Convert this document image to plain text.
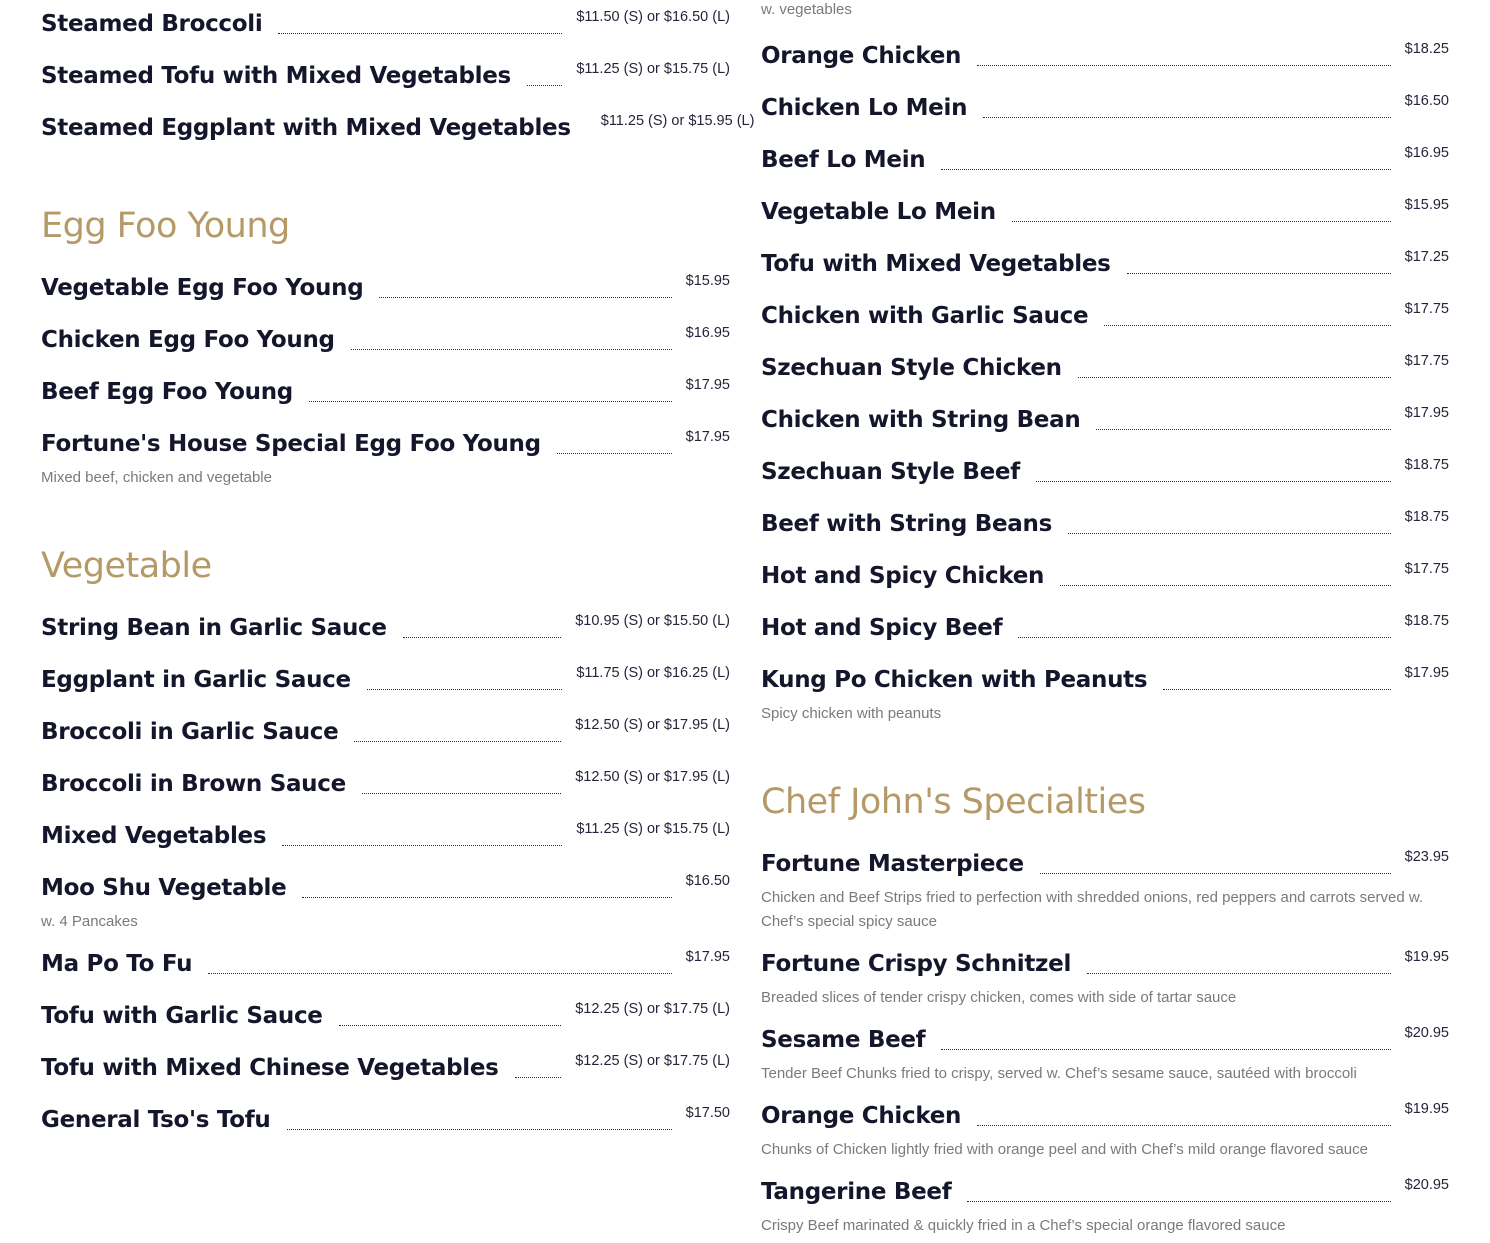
Steamed Broccoli	$11.50 (S) or $16.50 (L)
Steamed Tofu with Mixed Vegetables	$11.25 (S) or $15.75 (L)
Steamed Eggplant with Mixed Vegetables $11.25 (S) or $15.95 (L)
Egg Foo Young
Vegetable Egg Foo Young	$15.95
Chicken Egg Foo Young	$16.95
Beef Egg Foo Young	$17.95
Fortune's House Special Egg Foo Young	$17.95
Mixed beef, chicken and vegetable
Vegetable
String Bean in Garlic Sauce	$10.95 (S) or $15.50 (L)
Eggplant in Garlic Sauce	$11.75 (S) or $16.25 (L)
Broccoli in Garlic Sauce	$12.50 (S) or $17.95 (L)
Broccoli in Brown Sauce	$12.50 (S) or $17.95 (L)
Mixed Vegetables	$11.25 (S) or $15.75 (L)
Moo Shu Vegetable	$16.50
w. 4 Pancakes
Ma Po To Fu	$17.95
Tofu with Garlic Sauce	$12.25 (S) or $17.75 (L)
Tofu with Mixed Chinese Vegetables	$12.25 (S) or $17.75 (L)
General Tso's Tofu	$17.50
w. vegetables
Orange Chicken	$18.25
Chicken Lo Mein	$16.50
Beef Lo Mein	$16.95
Vegetable Lo Mein	$15.95
Tofu with Mixed Vegetables	$17.25
Chicken with Garlic Sauce	$17.75
Szechuan Style Chicken	$17.75
Chicken with String Bean	$17.95
Szechuan Style Beef	$18.75
Beef with String Beans	$18.75
Hot and Spicy Chicken	$17.75
Hot and Spicy Beef	$18.75
Kung Po Chicken with Peanuts	$17.95
Spicy chicken with peanuts
Chef John's Specialties
Fortune Masterpiece	$23.95
Chicken and Beef Strips fried to perfection with shredded onions, red peppers and carrots served w. Chef’s special spicy sauce
Fortune Crispy Schnitzel	$19.95
Breaded slices of tender crispy chicken, comes with side of tartar sauce
Sesame Beef	$20.95
Tender Beef Chunks fried to crispy, served w. Chef’s sesame sauce, sautéed with broccoli
Orange Chicken	$19.95
Chunks of Chicken lightly fried with orange peel and with Chef’s mild orange flavored sauce
Tangerine Beef	$20.95
Crispy Beef marinated & quickly fried in a Chef’s special orange flavored sauce
